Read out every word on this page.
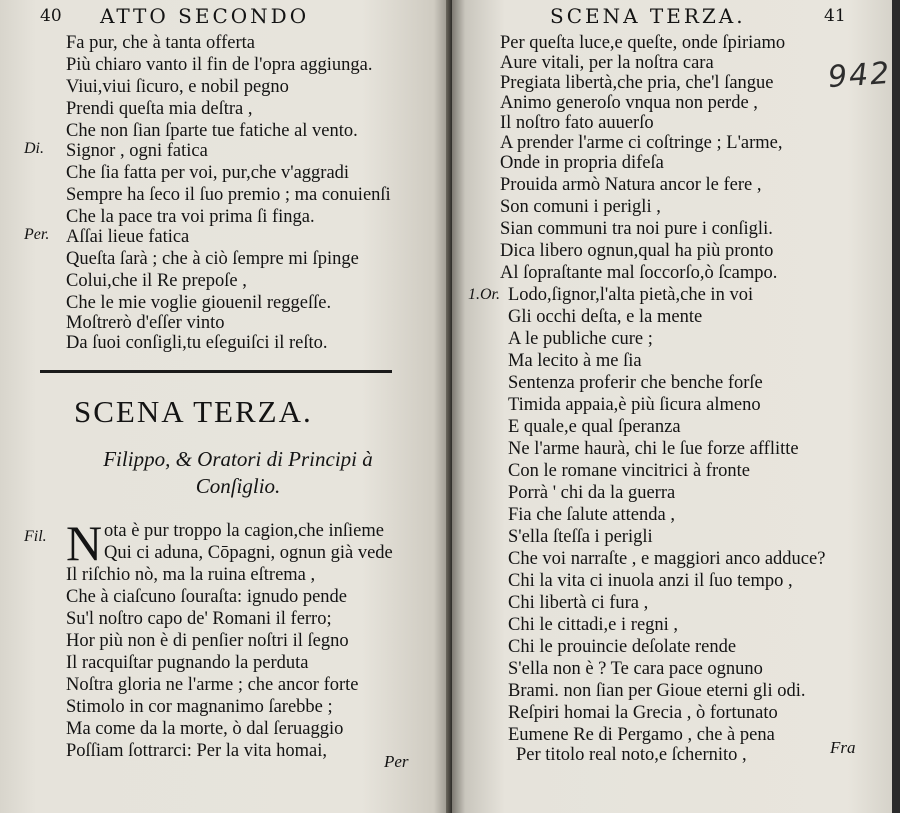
40 ATTO SECONDO
Fa pur, che à tanta offerta
Più chiaro vanto il fin de l'opra aggiunga.
Viui,viui ſicuro, e nobil pegno
Prendi queſta mia deſtra ,
Che non ſian ſparte tue fatiche al vento.
Di. Signor , ogni fatica
Che ſia fatta per voi, pur,che v'aggradi
Sempre ha ſeco il ſuo premio ; ma conuienſi
Che la pace tra voi prima ſi finga.
Per. Aſſai lieue fatica
Queſta ſarà ; che à ciò ſempre mi ſpinge
Colui,che il Re prepoſe ,
Che le mie voglie giouenil reggeſſe.
Moſtrerò d'eſſer vinto
Da ſuoi conſigli,tu eſeguiſci il reſto.
SCENA TERZA.
Filippo, & Oratori di Principi à
Conſiglio.
Fil. N ota è pur troppo la cagion,che inſieme
Qui ci aduna, Cōpagni, ognun già vede
Il riſchio nò, ma la ruina eſtrema ,
Che à ciaſcuno ſouraſta: ignudo pende
Su'l noſtro capo de' Romani il ferro;
Hor più non è di penſier noſtri il ſegno
Il racquiſtar pugnando la perduta
Noſtra gloria ne l'arme ; che ancor forte
Stimolo in cor magnanimo ſarebbe ;
Ma come da la morte, ò dal ſeruaggio
Poſſiam ſottrarci: Per la vita homai,
Per
SCENA TERZA.	41
Per queſta luce,e queſte, onde ſpiriamo
Aure vitali, per la noſtra cara
Pregiata libertà,che pria, che'l ſangue
Animo generoſo vnqua non perde ,
Il noſtro fato auuerſo
A prender l'arme ci coſtringe ; L'arme,
Onde in propria difeſa
Prouida armò Natura ancor le fere ,
Son comuni i perigli ,
Sian communi tra noi pure i conſigli.
Dica libero ognun,qual ha più pronto
Al ſopraſtante mal ſoccorſo,ò ſcampo.
1.Or. Lodo,ſignor,l'alta pietà,che in voi
Gli occhi deſta, e la mente
A le publiche cure ;
Ma lecito à me ſia
Sentenza proferir che benche forſe
Timida appaia,è più ſicura almeno
E quale,e qual ſperanza
Ne l'arme haurà, chi le ſue forze afflitte
Con le romane vincitrici à fronte
Porrà ' chi da la guerra
Fia che ſalute attenda ,
S'ella ſteſſa i perigli
Che voi narraſte , e maggiori anco adduce?
Chi la vita ci inuola anzi il ſuo tempo ,
Chi libertà ci fura ,
Chi le cittadi,e i regni ,
Chi le prouincie deſolate rende
S'ella non è ? Te cara pace ognuno
Brami. non ſian per Gioue eterni gli odi.
Reſpiri homai la Grecia , ò fortunato
Eumene Re di Pergamo , che à pena
Per titolo real noto,e ſchernito ,	Fra
942
